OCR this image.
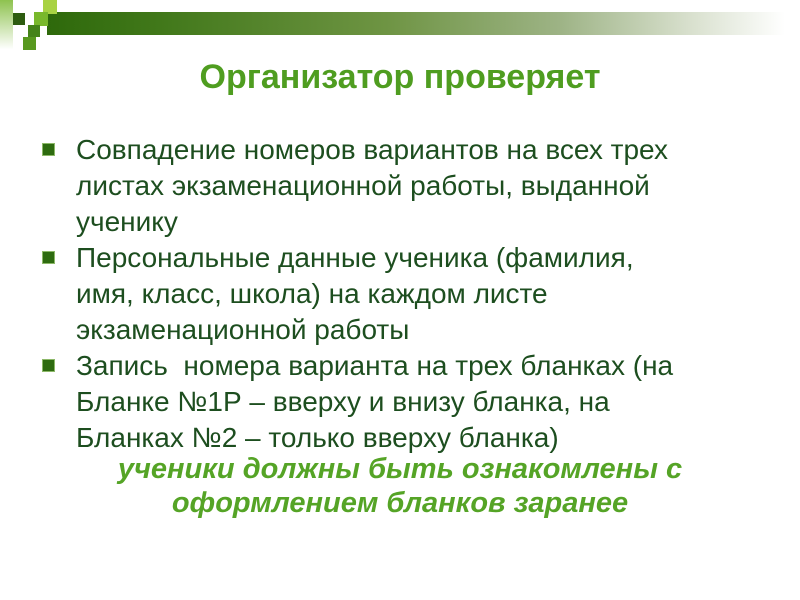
Организатор проверяет
Совпадение номеров вариантов на всех трех
листах экзаменационной работы, выданной
ученику
Персональные данные ученика (фамилия,
имя, класс, школа) на каждом листе
экзаменационной работы
Запись  номера варианта на трех бланках (на
Бланке №1Р – вверху и внизу бланка, на
Бланках №2 – только вверху бланка)
ученики должны быть ознакомлены с
оформлением бланков заранее
